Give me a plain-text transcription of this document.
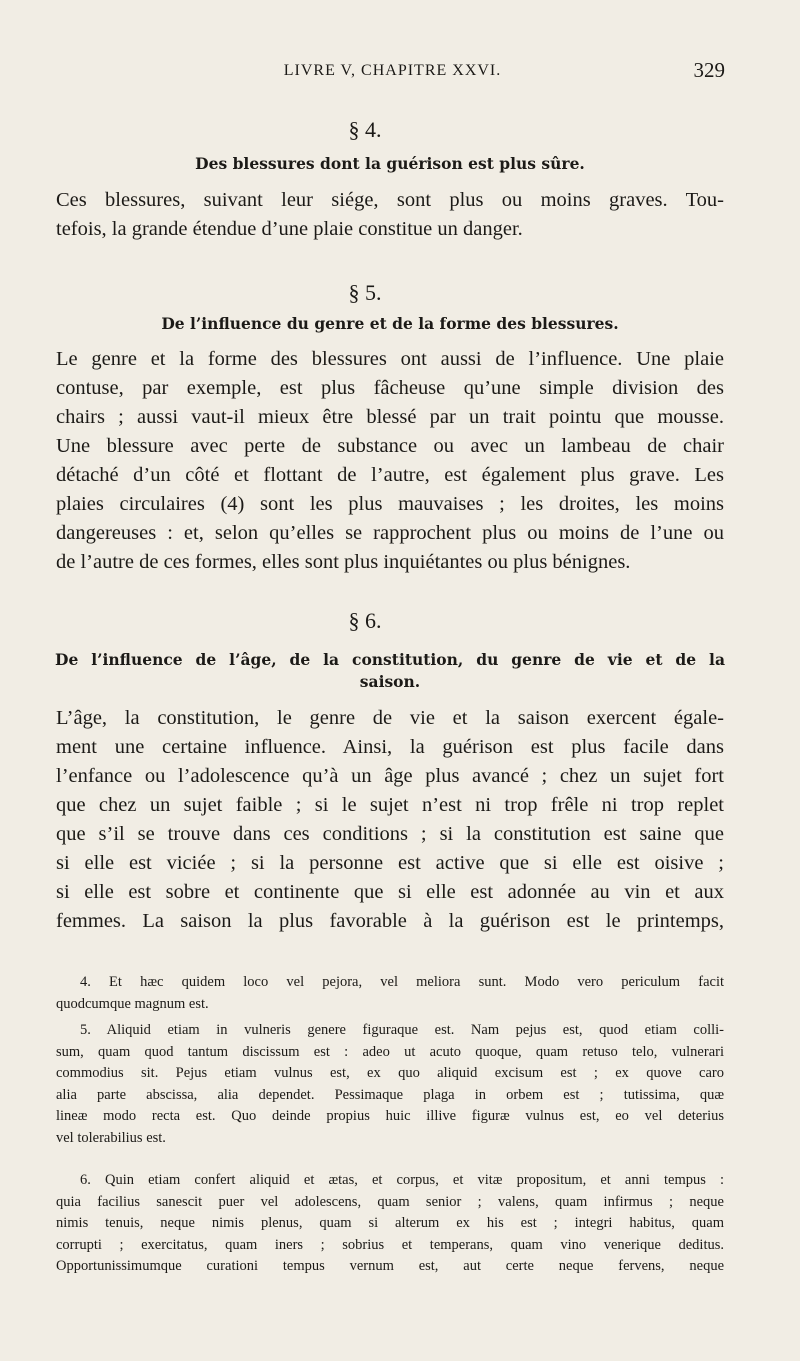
LIVRE V, CHAPITRE XXVI.	329
§ 4.
Des blessures dont la guérison est plus sûre.
Ces blessures, suivant leur siége, sont plus ou moins graves. Tou-
tefois, la grande étendue d’une plaie constitue un danger.
§ 5.
De l’influence du genre et de la forme des blessures.
Le genre et la forme des blessures ont aussi de l’influence. Une plaie
contuse, par exemple, est plus fâcheuse qu’une simple division des
chairs ; aussi vaut-il mieux être blessé par un trait pointu que mousse.
Une blessure avec perte de substance ou avec un lambeau de chair
détaché d’un côté et flottant de l’autre, est également plus grave. Les
plaies circulaires (4) sont les plus mauvaises ; les droites, les moins
dangereuses : et, selon qu’elles se rapprochent plus ou moins de l’une ou
de l’autre de ces formes, elles sont plus inquiétantes ou plus bénignes.
§ 6.
De l’influence de l’âge, de la constitution, du genre de vie et de la
saison.
L’âge, la constitution, le genre de vie et la saison exercent égale-
ment une certaine influence. Ainsi, la guérison est plus facile dans
l’enfance ou l’adolescence qu’à un âge plus avancé ; chez un sujet fort
que chez un sujet faible ; si le sujet n’est ni trop frêle ni trop replet
que s’il se trouve dans ces conditions ; si la constitution est saine que
si elle est viciée ; si la personne est active que si elle est oisive ;
si elle est sobre et continente que si elle est adonnée au vin et aux
femmes. La saison la plus favorable à la guérison est le printemps,
4. Et hæc quidem loco vel pejora, vel meliora sunt. Modo vero periculum facit
quodcumque magnum est.
5. Aliquid etiam in vulneris genere figuraque est. Nam pejus est, quod etiam colli-
sum, quam quod tantum discissum est : adeo ut acuto quoque, quam retuso telo, vulnerari
commodius sit. Pejus etiam vulnus est, ex quo aliquid excisum est ; ex quove caro
alia parte abscissa, alia dependet. Pessimaque plaga in orbem est ; tutissima, quæ
lineæ modo recta est. Quo deinde propius huic illive figuræ vulnus est, eo vel deterius
vel tolerabilius est.
6. Quin etiam confert aliquid et ætas, et corpus, et vitæ propositum, et anni tempus :
quia facilius sanescit puer vel adolescens, quam senior ; valens, quam infirmus ; neque
nimis tenuis, neque nimis plenus, quam si alterum ex his est ; integri habitus, quam
corrupti ; exercitatus, quam iners ; sobrius et temperans, quam vino venerique deditus.
Opportunissimumque curationi tempus vernum est, aut certe neque fervens, neque
